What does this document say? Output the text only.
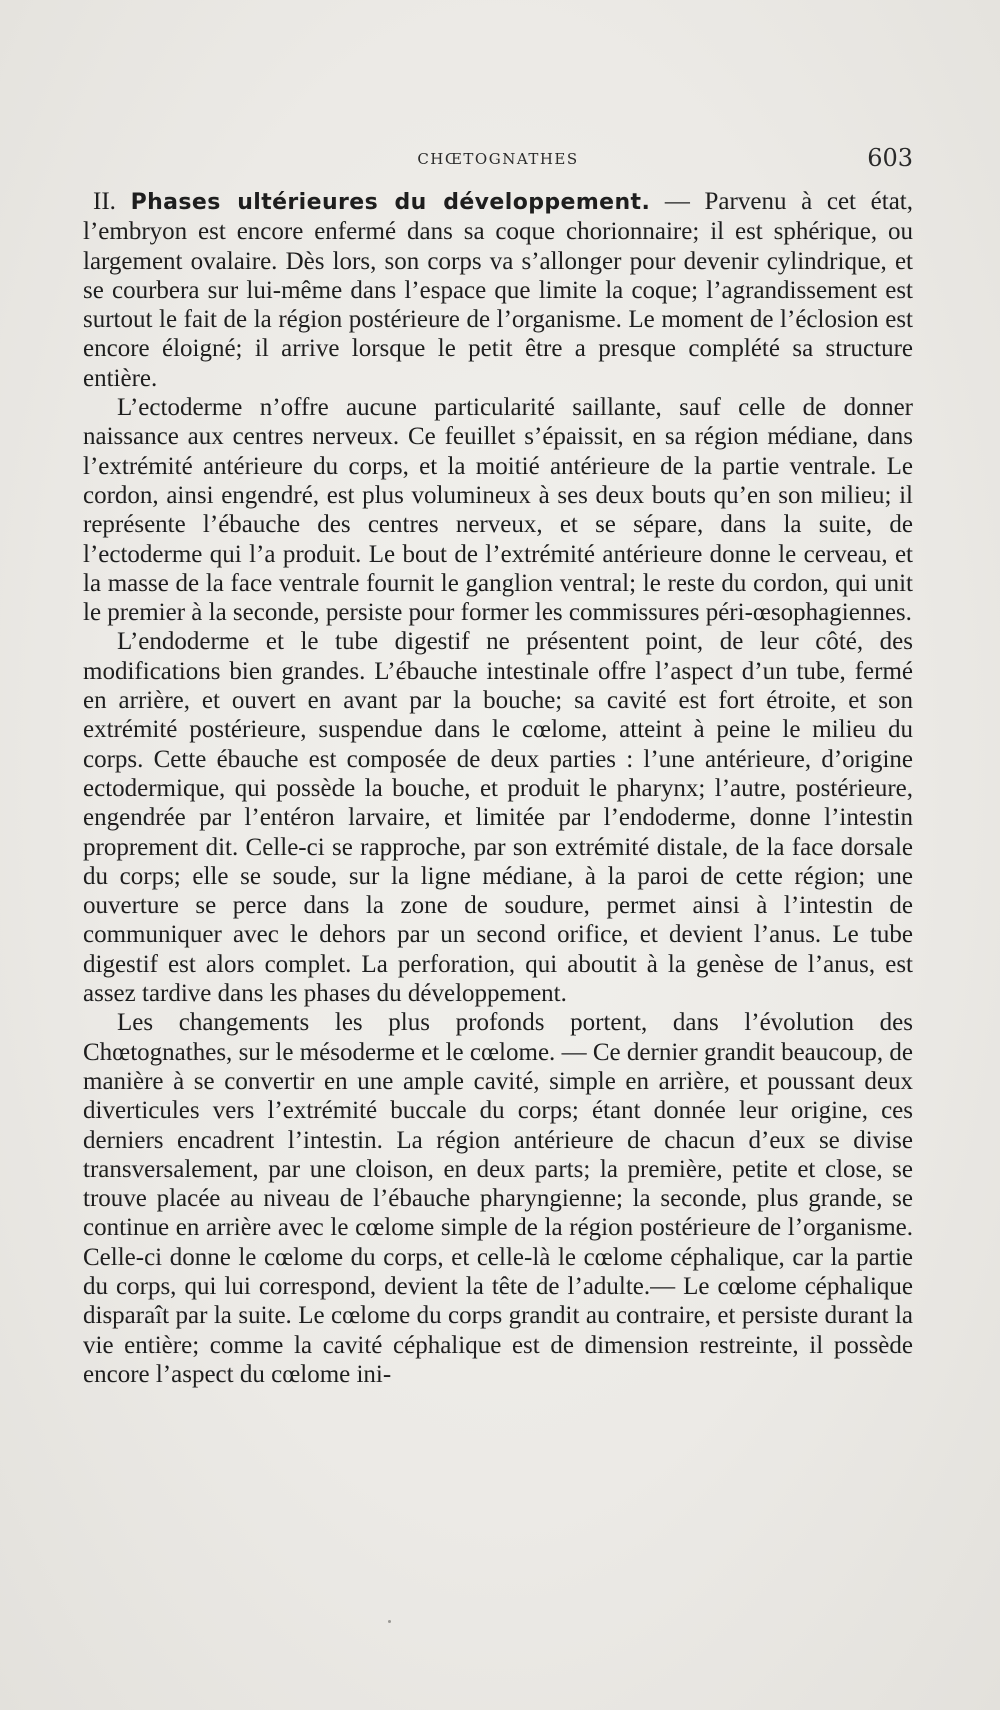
CHŒTOGNATHES	603

II. Phases ultérieures du développement. — Parvenu à cet état, l’embryon est encore enfermé dans sa coque chorionnaire; il est sphérique, ou largement ovalaire. Dès lors, son corps va s’allonger pour devenir cylindrique, et se courbera sur lui-même dans l’espace que limite la coque; l’agrandissement est surtout le fait de la région postérieure de l’organisme. Le moment de l’éclosion est encore éloigné; il arrive lorsque le petit être a presque complété sa structure entière.

L’ectoderme n’offre aucune particularité saillante, sauf celle de donner naissance aux centres nerveux. Ce feuillet s’épaissit, en sa région médiane, dans l’extrémité antérieure du corps, et la moitié antérieure de la partie ventrale. Le cordon, ainsi engendré, est plus volumineux à ses deux bouts qu’en son milieu; il représente l’ébauche des centres nerveux, et se sépare, dans la suite, de l’ectoderme qui l’a produit. Le bout de l’extrémité antérieure donne le cerveau, et la masse de la face ventrale fournit le ganglion ventral; le reste du cordon, qui unit le premier à la seconde, persiste pour former les commissures péri-œsophagiennes.

L’endoderme et le tube digestif ne présentent point, de leur côté, des modifications bien grandes. L’ébauche intestinale offre l’aspect d’un tube, fermé en arrière, et ouvert en avant par la bouche; sa cavité est fort étroite, et son extrémité postérieure, suspendue dans le cœlome, atteint à peine le milieu du corps. Cette ébauche est composée de deux parties : l’une antérieure, d’origine ectodermique, qui possède la bouche, et produit le pharynx; l’autre, postérieure, engendrée par l’entéron larvaire, et limitée par l’endoderme, donne l’intestin proprement dit. Celle-ci se rapproche, par son extrémité distale, de la face dorsale du corps; elle se soude, sur la ligne médiane, à la paroi de cette région; une ouverture se perce dans la zone de soudure, permet ainsi à l’intestin de communiquer avec le dehors par un second orifice, et devient l’anus. Le tube digestif est alors complet. La perforation, qui aboutit à la genèse de l’anus, est assez tardive dans les phases du développement.

Les changements les plus profonds portent, dans l’évolution des Chœtognathes, sur le mésoderme et le cœlome. — Ce dernier grandit beaucoup, de manière à se convertir en une ample cavité, simple en arrière, et poussant deux diverticules vers l’extrémité buccale du corps; étant donnée leur origine, ces derniers encadrent l’intestin. La région antérieure de chacun d’eux se divise transversalement, par une cloison, en deux parts; la première, petite et close, se trouve placée au niveau de l’ébauche pharyngienne; la seconde, plus grande, se continue en arrière avec le cœlome simple de la région postérieure de l’organisme. Celle-ci donne le cœlome du corps, et celle-là le cœlome céphalique, car la partie du corps, qui lui correspond, devient la tête de l’adulte.— Le cœlome céphalique disparaît par la suite. Le cœlome du corps grandit au contraire, et persiste durant la vie entière; comme la cavité céphalique est de dimension restreinte, il possède encore l’aspect du cœlome ini-
